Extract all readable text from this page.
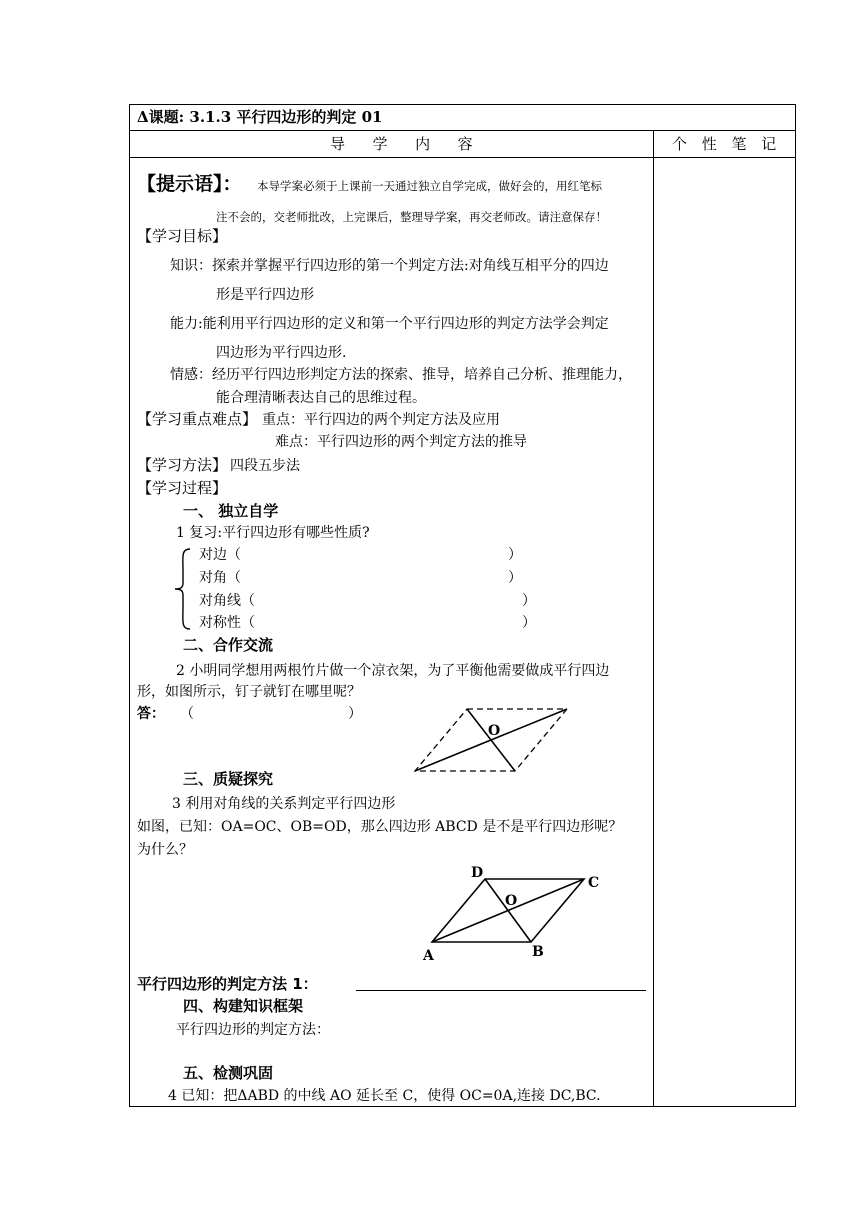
Δ课题: 3.1.3 平行四边形的判定 01
导  学  内  容	个 性 笔 记
【提示语】： 本导学案必须于上课前一天通过独立自学完成，做好会的，用红笔标
注不会的，交老师批改，上完课后，整理导学案，再交老师改。请注意保存！
【学习目标】
知识：探索并掌握平行四边形的第一个判定方法:对角线互相平分的四边
形是平行四边形
能力:能利用平行四边形的定义和第一个平行四边形的判定方法学会判定
四边形为平行四边形.
情感：经历平行四边形判定方法的探索、推导，培养自己分析、推理能力，
能合理清晰表达自己的思维过程。
【学习重点难点】 重点：平行四边的两个判定方法及应用
难点：平行四边形的两个判定方法的推导
【学习方法】 四段五步法
【学习过程】
一、 独立自学
1 复习:平行四边形有哪些性质?
对边（	）
对角（	）
对角线（	）
对称性（	）
二、合作交流
2 小明同学想用两根竹片做一个凉衣架，为了平衡他需要做成平行四边
形，如图所示，钉子就钉在哪里呢？
答： （	）
O
三、质疑探究
3 利用对角线的关系判定平行四边形
如图，已知：OA=OC、OB=OD，那么四边形 ABCD 是不是平行四边形呢？
为什么？
A	B
C
D
O
平行四边形的判定方法 1：
四、构建知识框架
平行四边形的判定方法：
五、检测巩固
4 已知：把ΔABD 的中线 AO 延长至 C，使得 OC=0A,连接 DC,BC.
